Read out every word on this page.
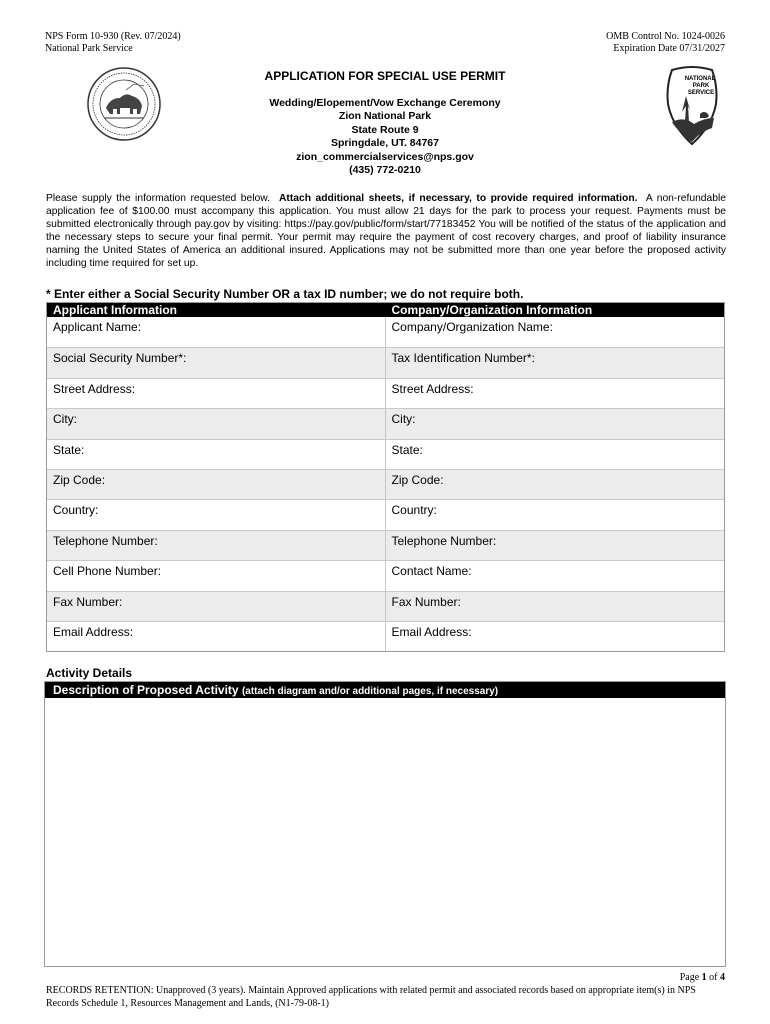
NPS Form 10-930 (Rev. 07/2024)
National Park Service
OMB Control No. 1024-0026
Expiration Date 07/31/2027
NATIONAL
PARK
SERVICE
APPLICATION FOR SPECIAL USE PERMIT
Wedding/Elopement/Vow Exchange Ceremony
Zion National Park
State Route 9
Springdale, UT. 84767
zion_commercialservices@nps.gov
(435) 772-0210
Please supply the information requested below. Attach additional sheets, if necessary, to provide required information. A non-refundable application fee of $100.00 must accompany this application. You must allow 21 days for the park to process your request. Payments must be submitted electronically through pay.gov by visiting: https://pay.gov/public/form/start/77183452 You will be notified of the status of the application and the necessary steps to secure your final permit. Your permit may require the payment of cost recovery charges, and proof of liability insurance naming the United States of America an additional insured. Applications may not be submitted more than one year before the proposed activity including time required for set up.
* Enter either a Social Security Number OR a tax ID number; we do not require both.
Applicant Information	Company/Organization Information
Applicant Name:	Company/Organization Name:
Social Security Number*:	Tax Identification Number*:
Street Address:	Street Address:
City:	City:
State:	State:
Zip Code:	Zip Code:
Country:	Country:
Telephone Number:	Telephone Number:
Cell Phone Number:	Contact Name:
Fax Number:	Fax Number:
Email Address:	Email Address:
Activity Details
Description of Proposed Activity (attach diagram and/or additional pages, if necessary)
Page 1 of 4
RECORDS RETENTION: Unapproved (3 years). Maintain Approved applications with related permit and associated records based on appropriate item(s) in NPS Records Schedule 1, Resources Management and Lands, (N1-79-08-1)
